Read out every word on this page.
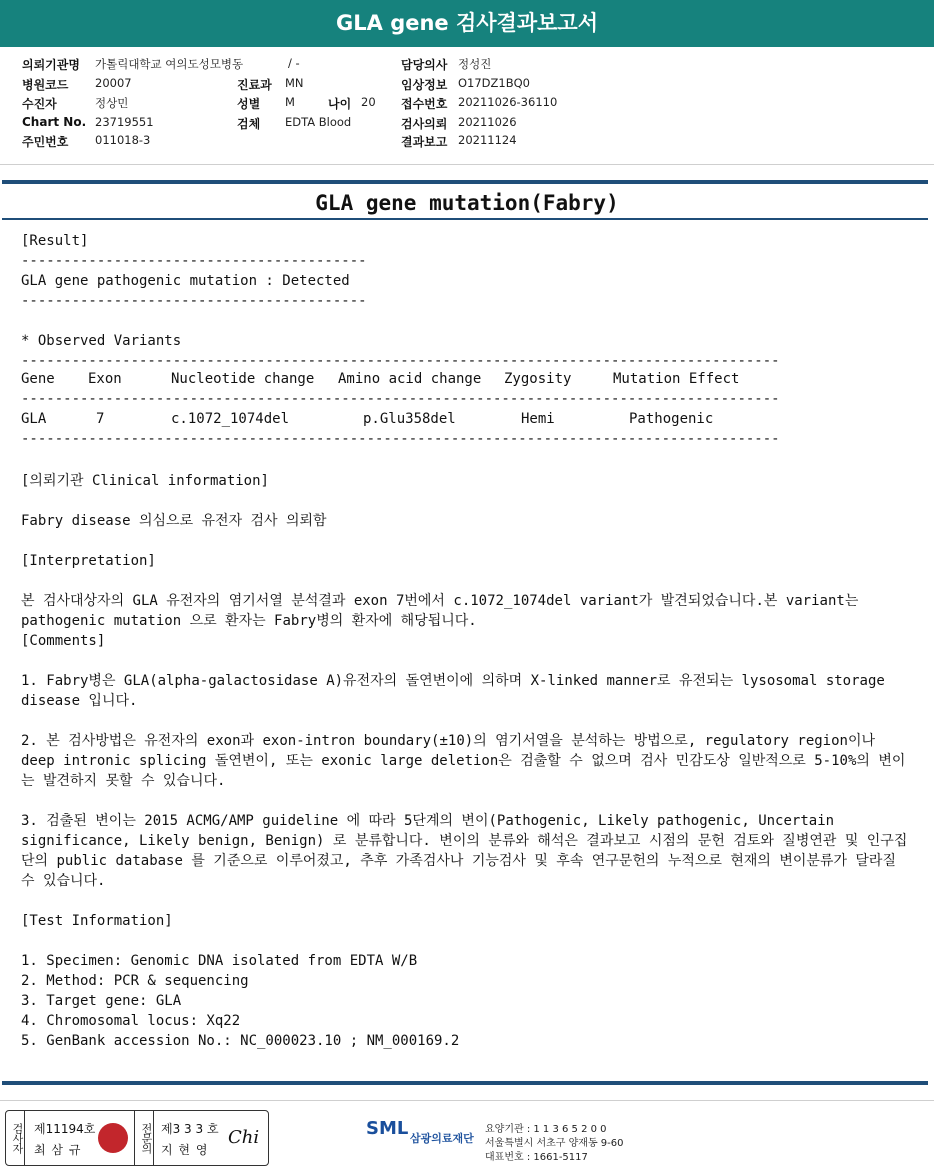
GLA gene 검사결과보고서
의뢰기관명 가톨릭대학교 여의도성모병동	/ -	담당의사 정성진
병원코드 20007	진료과 MN	임상정보 O17DZ1BQ0
수진자	정상민	성별 M	나이 20 접수번호 20211026-36110
Chart No. 23719551	검체 EDTA Blood	검사의뢰 20211026
주민번호 011018-3	결과보고 20211124
GLA gene mutation(Fabry)
[Result]
-----------------------------------------
GLA gene pathogenic mutation : Detected
-----------------------------------------
* Observed Variants
------------------------------------------------------------------------------------------
Gene Exon	Nucleotide change Amino acid change Zygosity	Mutation Effect
------------------------------------------------------------------------------------------
GLA	7	c.1072_1074del	p.Glu358del	Hemi	Pathogenic
------------------------------------------------------------------------------------------
[의뢰기관 Clinical information]
Fabry disease 의심으로 유전자 검사 의뢰함
[Interpretation]
본 검사대상자의 GLA 유전자의 염기서열 분석결과 exon 7번에서 c.1072_1074del variant가 발견되었습니다.본 variant는 pathogenic mutation 으로 환자는 Fabry병의 환자에 해당됩니다.
[Comments]
1. Fabry병은 GLA(alpha-galactosidase A)유전자의 돌연변이에 의하며 X-linked manner로 유전되는 lysosomal storage disease 입니다.
2. 본 검사방법은 유전자의 exon과 exon-intron boundary(±10)의 염기서열을 분석하는 방법으로, regulatory region이나 deep intronic splicing 돌연변이, 또는 exonic large deletion은 검출할 수 없으며 검사 민감도상 일반적으로 5-10%의 변이는 발견하지 못할 수 있습니다.
3. 검출된 변이는 2015 ACMG/AMP guideline 에 따라 5단계의 변이(Pathogenic, Likely pathogenic, Uncertain significance, Likely benign, Benign) 로 분류합니다. 변이의 분류와 해석은 결과보고 시점의 문헌 검토와 질병연관 및 인구집단의 public database 를 기준으로 이루어졌고, 추후 가족검사나 기능검사 및 후속 연구문헌의 누적으로 현재의 변이분류가 달라질 수 있습니다.
[Test Information]
1. Specimen: Genomic DNA isolated from EDTA W/B
2. Method: PCR & sequencing
3. Target gene: GLA
4. Chromosomal locus: Xq22
5. GenBank accession No.: NC_000023.10 ; NM_000169.2
검사자 제11194호
최 삼 규	전문의 제3 3 3 호
지 현 영
Chi	SML 삼광의료재단
요양기관 : 1 1 3 6 5 2 0 0
서울특별시 서초구 양재동 9-60
대표번호 : 1661-5117
